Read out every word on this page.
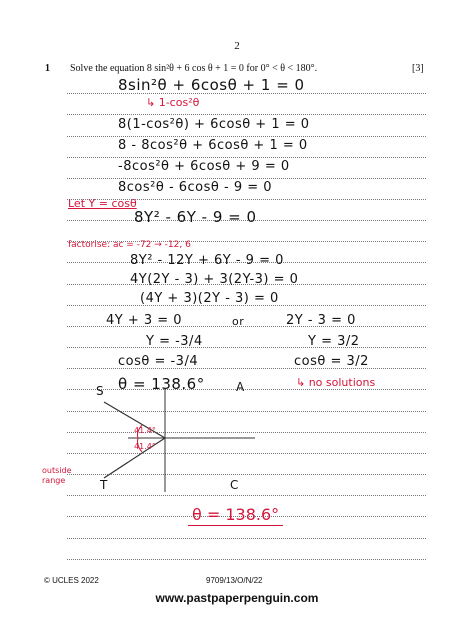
2
1 Solve the equation 8 sin²θ + 6 cos θ + 1 = 0 for 0° < θ < 180°.	[3]
8sin²θ + 6cosθ + 1 = 0
↳ 1-cos²θ
8(1-cos²θ) + 6cosθ + 1 = 0
8 - 8cos²θ + 6cosθ + 1 = 0
-8cos²θ + 6cosθ + 9 = 0
8cos²θ - 6cosθ - 9 = 0
Let Y = cosθ
8Y² - 6Y - 9 = 0
factorise: ac = -72 → -12, 6
8Y² - 12Y + 6Y - 9 = 0
4Y(2Y - 3) + 3(2Y-3) = 0
(4Y + 3)(2Y - 3) = 0
4Y + 3 = 0	or	2Y - 3 = 0
Y = -3/4	Y = 3/2
cosθ = -3/4	cosθ = 3/2
θ = 138.6°	↳ no solutions
S	A
T	C
41.4°
41.4°
outside
range
θ = 138.6°
© UCLES 2022	9709/13/O/N/22
www.pastpaperpenguin.com
